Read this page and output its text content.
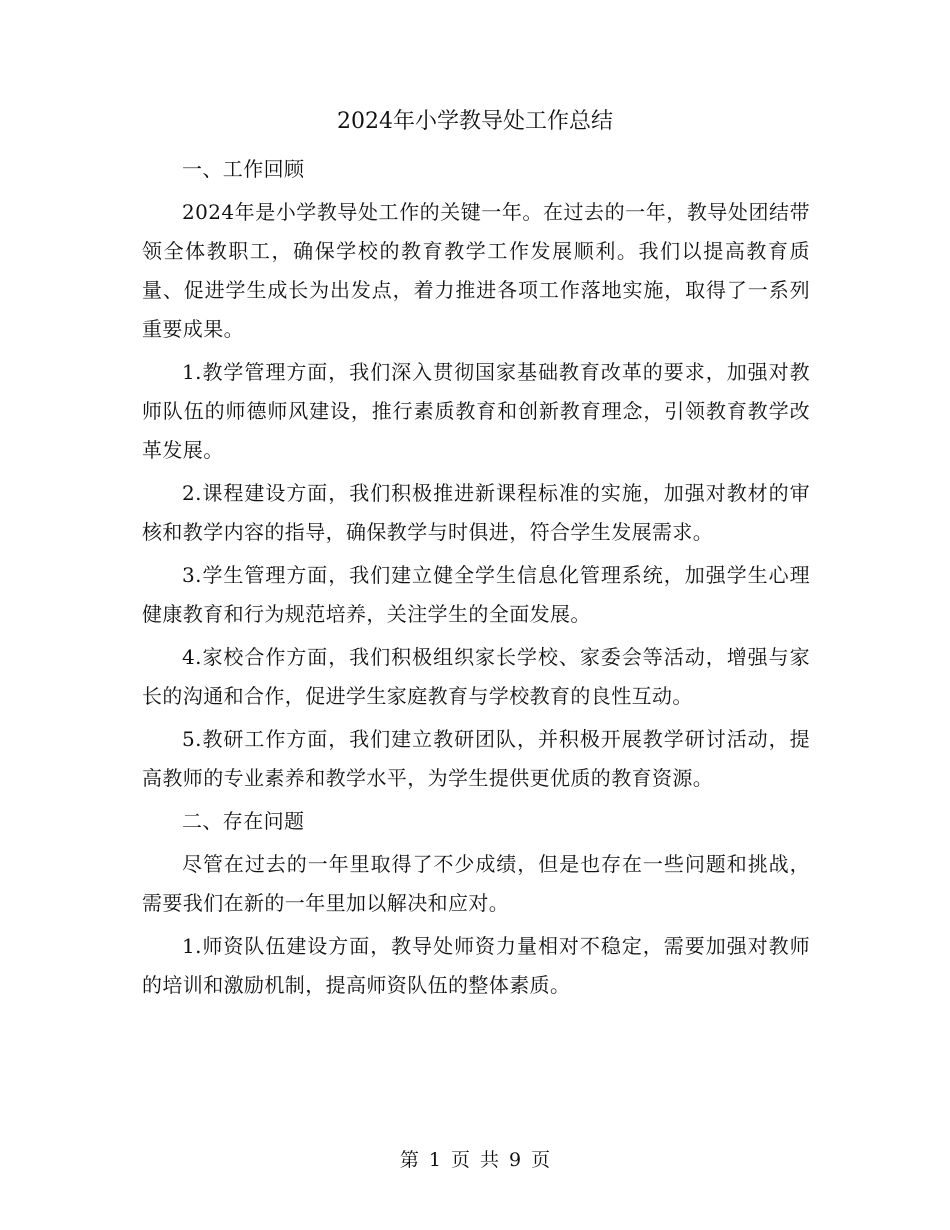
2024年小学教导处工作总结

一、工作回顾

2024年是小学教导处工作的关键一年。在过去的一年，教导处团结带领全体教职工，确保学校的教育教学工作发展顺利。我们以提高教育质量、促进学生成长为出发点，着力推进各项工作落地实施，取得了一系列重要成果。

1.教学管理方面，我们深入贯彻国家基础教育改革的要求，加强对教师队伍的师德师风建设，推行素质教育和创新教育理念，引领教育教学改革发展。

2.课程建设方面，我们积极推进新课程标准的实施，加强对教材的审核和教学内容的指导，确保教学与时俱进，符合学生发展需求。

3.学生管理方面，我们建立健全学生信息化管理系统，加强学生心理健康教育和行为规范培养，关注学生的全面发展。

4.家校合作方面，我们积极组织家长学校、家委会等活动，增强与家长的沟通和合作，促进学生家庭教育与学校教育的良性互动。

5.教研工作方面，我们建立教研团队，并积极开展教学研讨活动，提高教师的专业素养和教学水平，为学生提供更优质的教育资源。

二、存在问题

尽管在过去的一年里取得了不少成绩，但是也存在一些问题和挑战，需要我们在新的一年里加以解决和应对。

1.师资队伍建设方面，教导处师资力量相对不稳定，需要加强对教师的培训和激励机制，提高师资队伍的整体素质。

第 1 页 共 9 页
